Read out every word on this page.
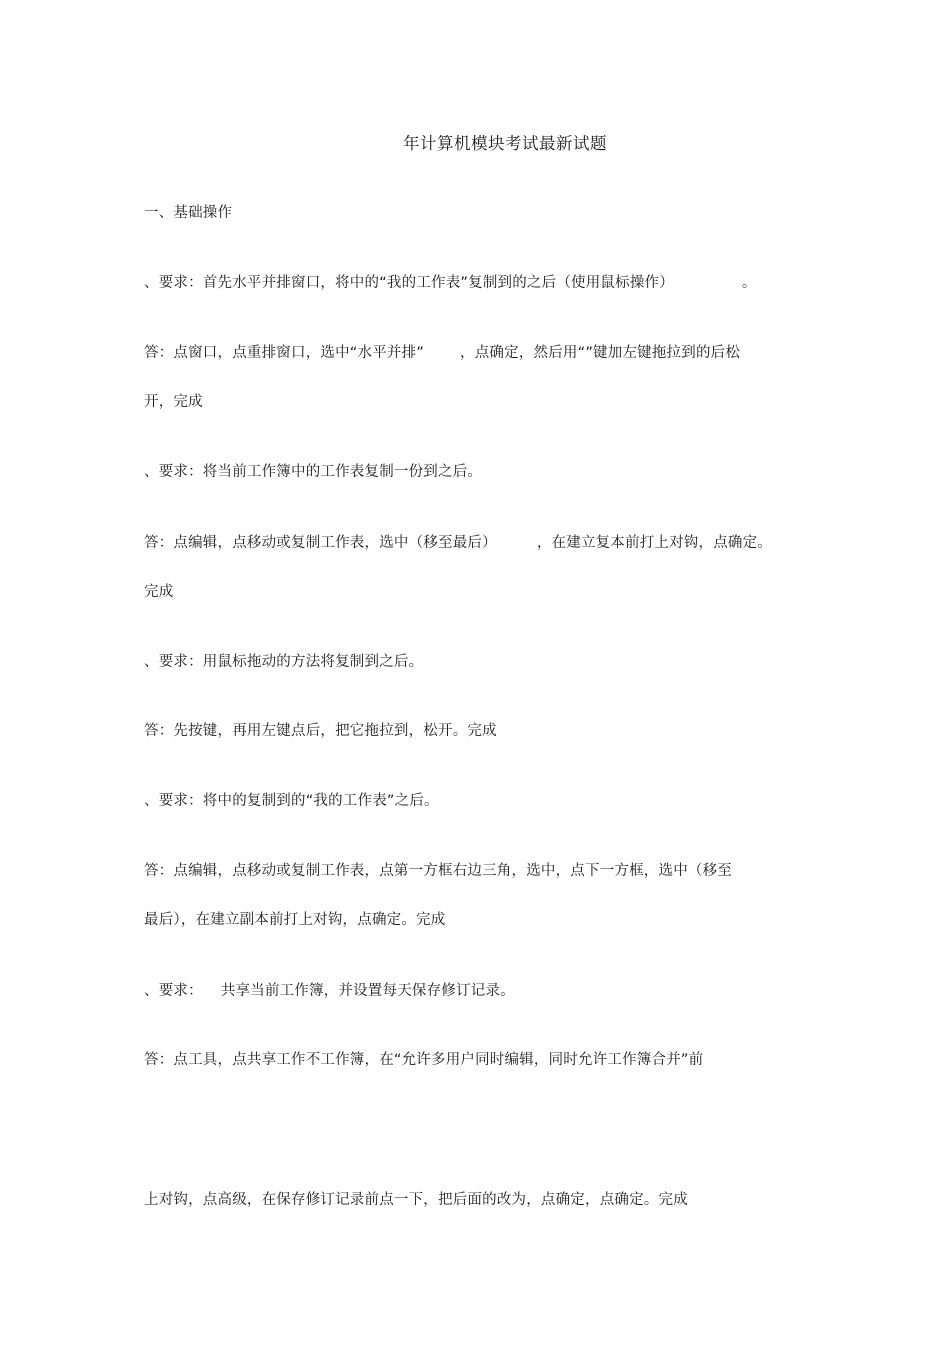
年计算机模块考试最新试题
一、基础操作
、要求：首先水平并排窗口，将中的“我的工作表”复制到的之后（使用鼠标操作）	。
答：点窗口，点重排窗口，选中“水平并排” ，点确定，然后用“”键加左键拖拉到的后松
开，完成
、要求：将当前工作簿中的工作表复制一份到之后。
答：点编辑，点移动或复制工作表，选中（移至最后）	，在建立复本前打上对钩，点确定。
完成
、要求：用鼠标拖动的方法将复制到之后。
答：先按键，再用左键点后，把它拖拉到，松开。完成
、要求：将中的复制到的“我的工作表”之后。
答：点编辑，点移动或复制工作表，点第一方框右边三角，选中，点下一方框，选中（移至
最后），在建立副本前打上对钩，点确定。完成
、要求： 共享当前工作簿，并设置每天保存修订记录。
答：点工具，点共享工作不工作簿，在“允许多用户同时编辑，同时允许工作簿合并”前
上对钩，点高级，在保存修订记录前点一下，把后面的改为，点确定，点确定。完成
